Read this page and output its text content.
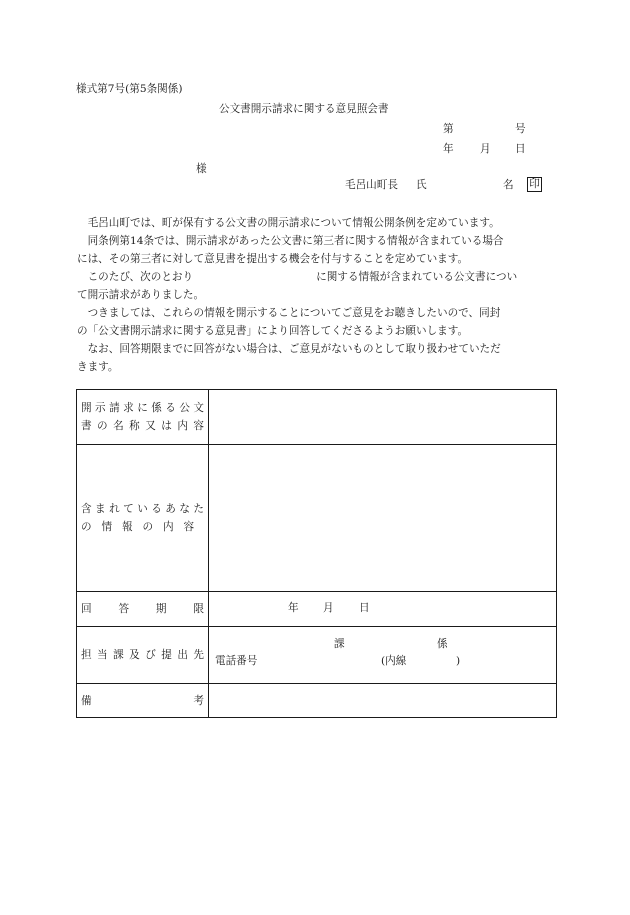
様式第7号(第5条関係)
公文書開示請求に関する意見照会書
第	号
年 月 日
様
毛呂山町長 氏	名	印

　毛呂山町では、町が保有する公文書の開示請求について情報公開条例を定めています。

　同条例第14条では、開示請求があった公文書に第三者に関する情報が含まれている場合

には、その第三者に対して意見書を提出する機会を付与することを定めています。

　このたび、次のとおり	に関する情報が含まれている公文書につい

て開示請求がありました。

　つきましては、これらの情報を開示することについてご意見をお聴きしたいので、同封

の「公文書開示請求に関する意見書」により回答してくださるようお願いします。

　なお、回答期限までに回答がない場合は、ご意見がないものとして取り扱わせていただ

きます。

開示請求に係る公文
書の名称又は内容	

含まれているあなた
の情報の内容	

回答期限	年 月 日

担当課及び提出先	課 係
電話番号 (内線 )

備 考	
